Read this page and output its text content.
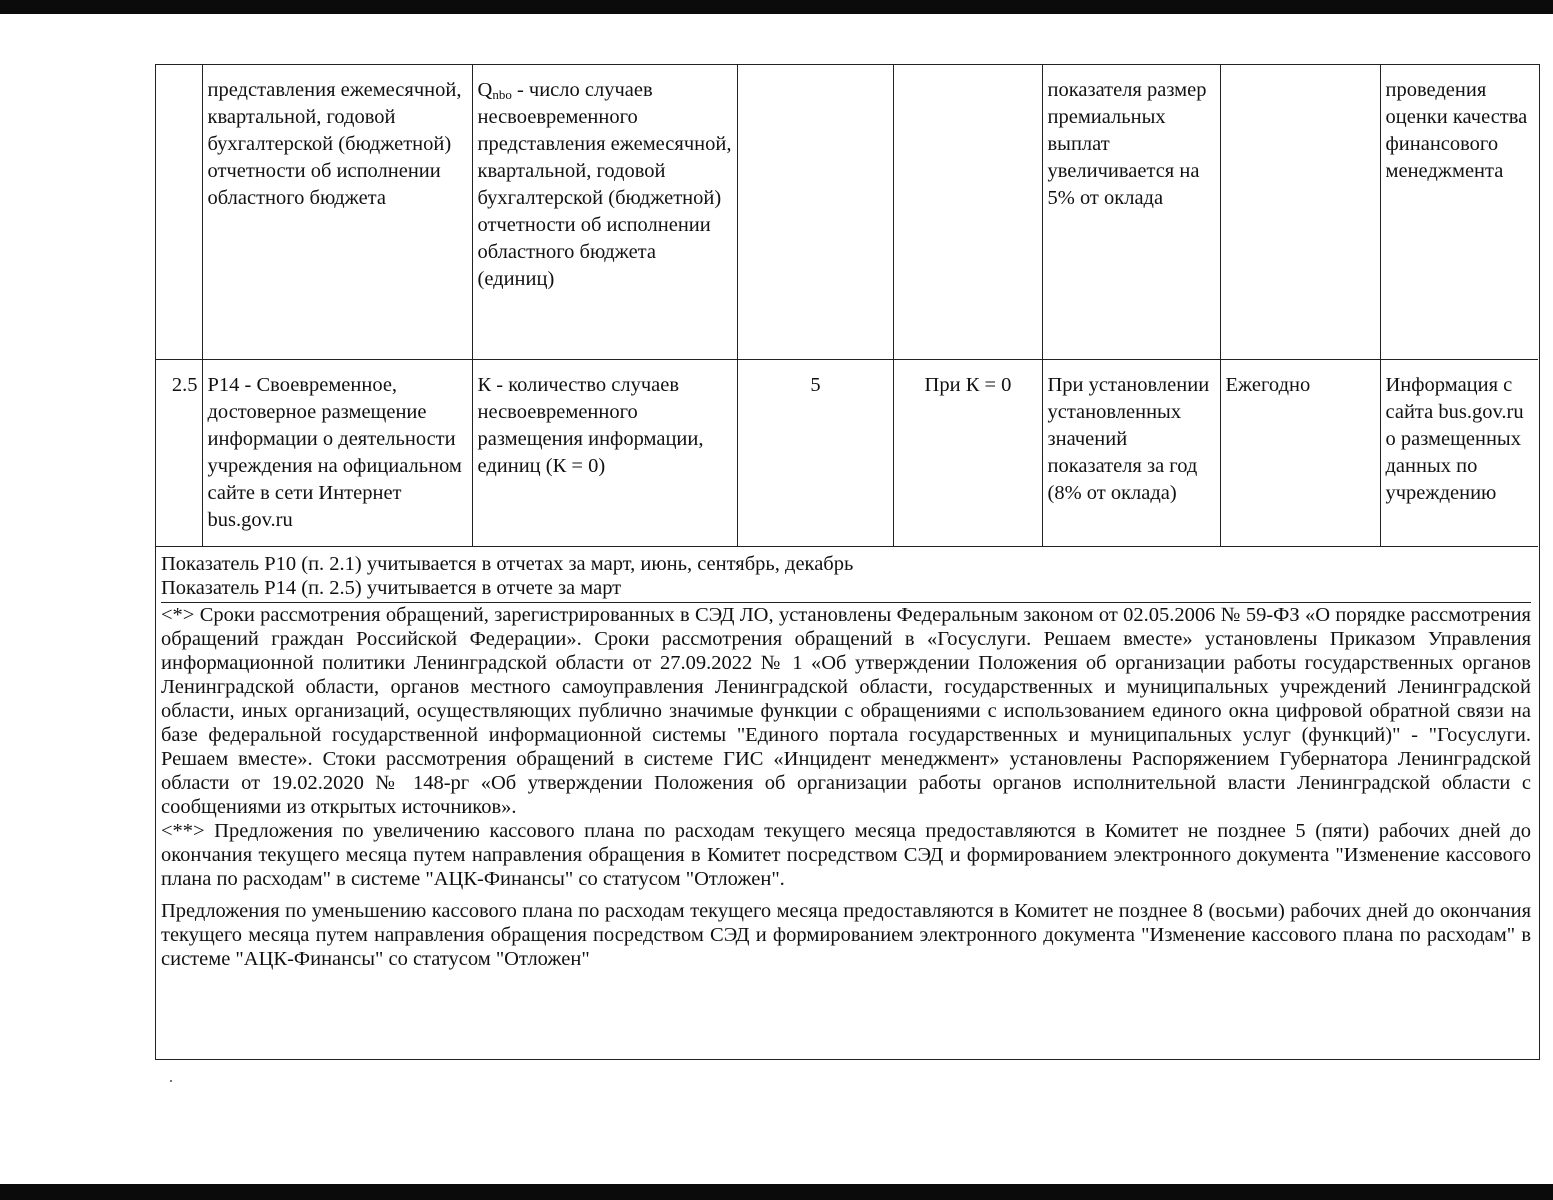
	представления ежемесячной, квартальной, годовой бухгалтерской (бюджетной) отчетности об исполнении областного бюджета	$Q_{nbo}$ - число случаев несвоевременного представления ежемесячной, квартальной, годовой бухгалтерской (бюджетной) отчетности об исполнении областного бюджета (единиц)			показателя размер премиальных выплат увеличивается на 5% от оклада		проведения оценки качества финансового менеджмента
2.5	Р14 - Своевременное, достоверное размещение информации о деятельности учреждения на официальном сайте в сети Интернет bus.gov.ru	К - количество случаев несвоевременного размещения информации, единиц (К = 0)	5	При К = 0	При установлении установленных значений показателя за год (8% от оклада)	Ежегодно	Информация с сайта bus.gov.ru о размещенных данных по учреждению

Показатель Р10 (п. 2.1) учитывается в отчетах за март, июнь, сентябрь, декабрь

Показатель Р14 (п. 2.5) учитывается в отчете за март

<*> Сроки рассмотрения обращений, зарегистрированных в СЭД ЛО, установлены Федеральным законом от 02.05.2006 № 59-ФЗ «О порядке рассмотрения обращений граждан Российской Федерации». Сроки рассмотрения обращений в «Госуслуги. Решаем вместе» установлены Приказом Управления информационной политики Ленинградской области от 27.09.2022 № 1 «Об утверждении Положения об организации работы государственных органов Ленинградской области, органов местного самоуправления Ленинградской области, государственных и муниципальных учреждений Ленинградской области, иных организаций, осуществляющих публично значимые функции с обращениями с использованием единого окна цифровой обратной связи на базе федеральной государственной информационной системы "Единого портала государственных и муниципальных услуг (функций)" - "Госуслуги. Решаем вместе». Стоки рассмотрения обращений в системе ГИС «Инцидент менеджмент» установлены Распоряжением Губернатора Ленинградской области от 19.02.2020 № 148-рг «Об утверждении Положения об организации работы органов исполнительной власти Ленинградской области с сообщениями из открытых источников».

<**> Предложения по увеличению кассового плана по расходам текущего месяца предоставляются в Комитет не позднее 5 (пяти) рабочих дней до окончания текущего месяца путем направления обращения в Комитет посредством СЭД и формированием электронного документа "Изменение кассового плана по расходам" в системе "АЦК-Финансы" со статусом "Отложен".

Предложения по уменьшению кассового плана по расходам текущего месяца предоставляются в Комитет не позднее 8 (восьми) рабочих дней до окончания текущего месяца путем направления обращения посредством СЭД и формированием электронного документа "Изменение кассового плана по расходам" в системе "АЦК-Финансы" со статусом "Отложен"
